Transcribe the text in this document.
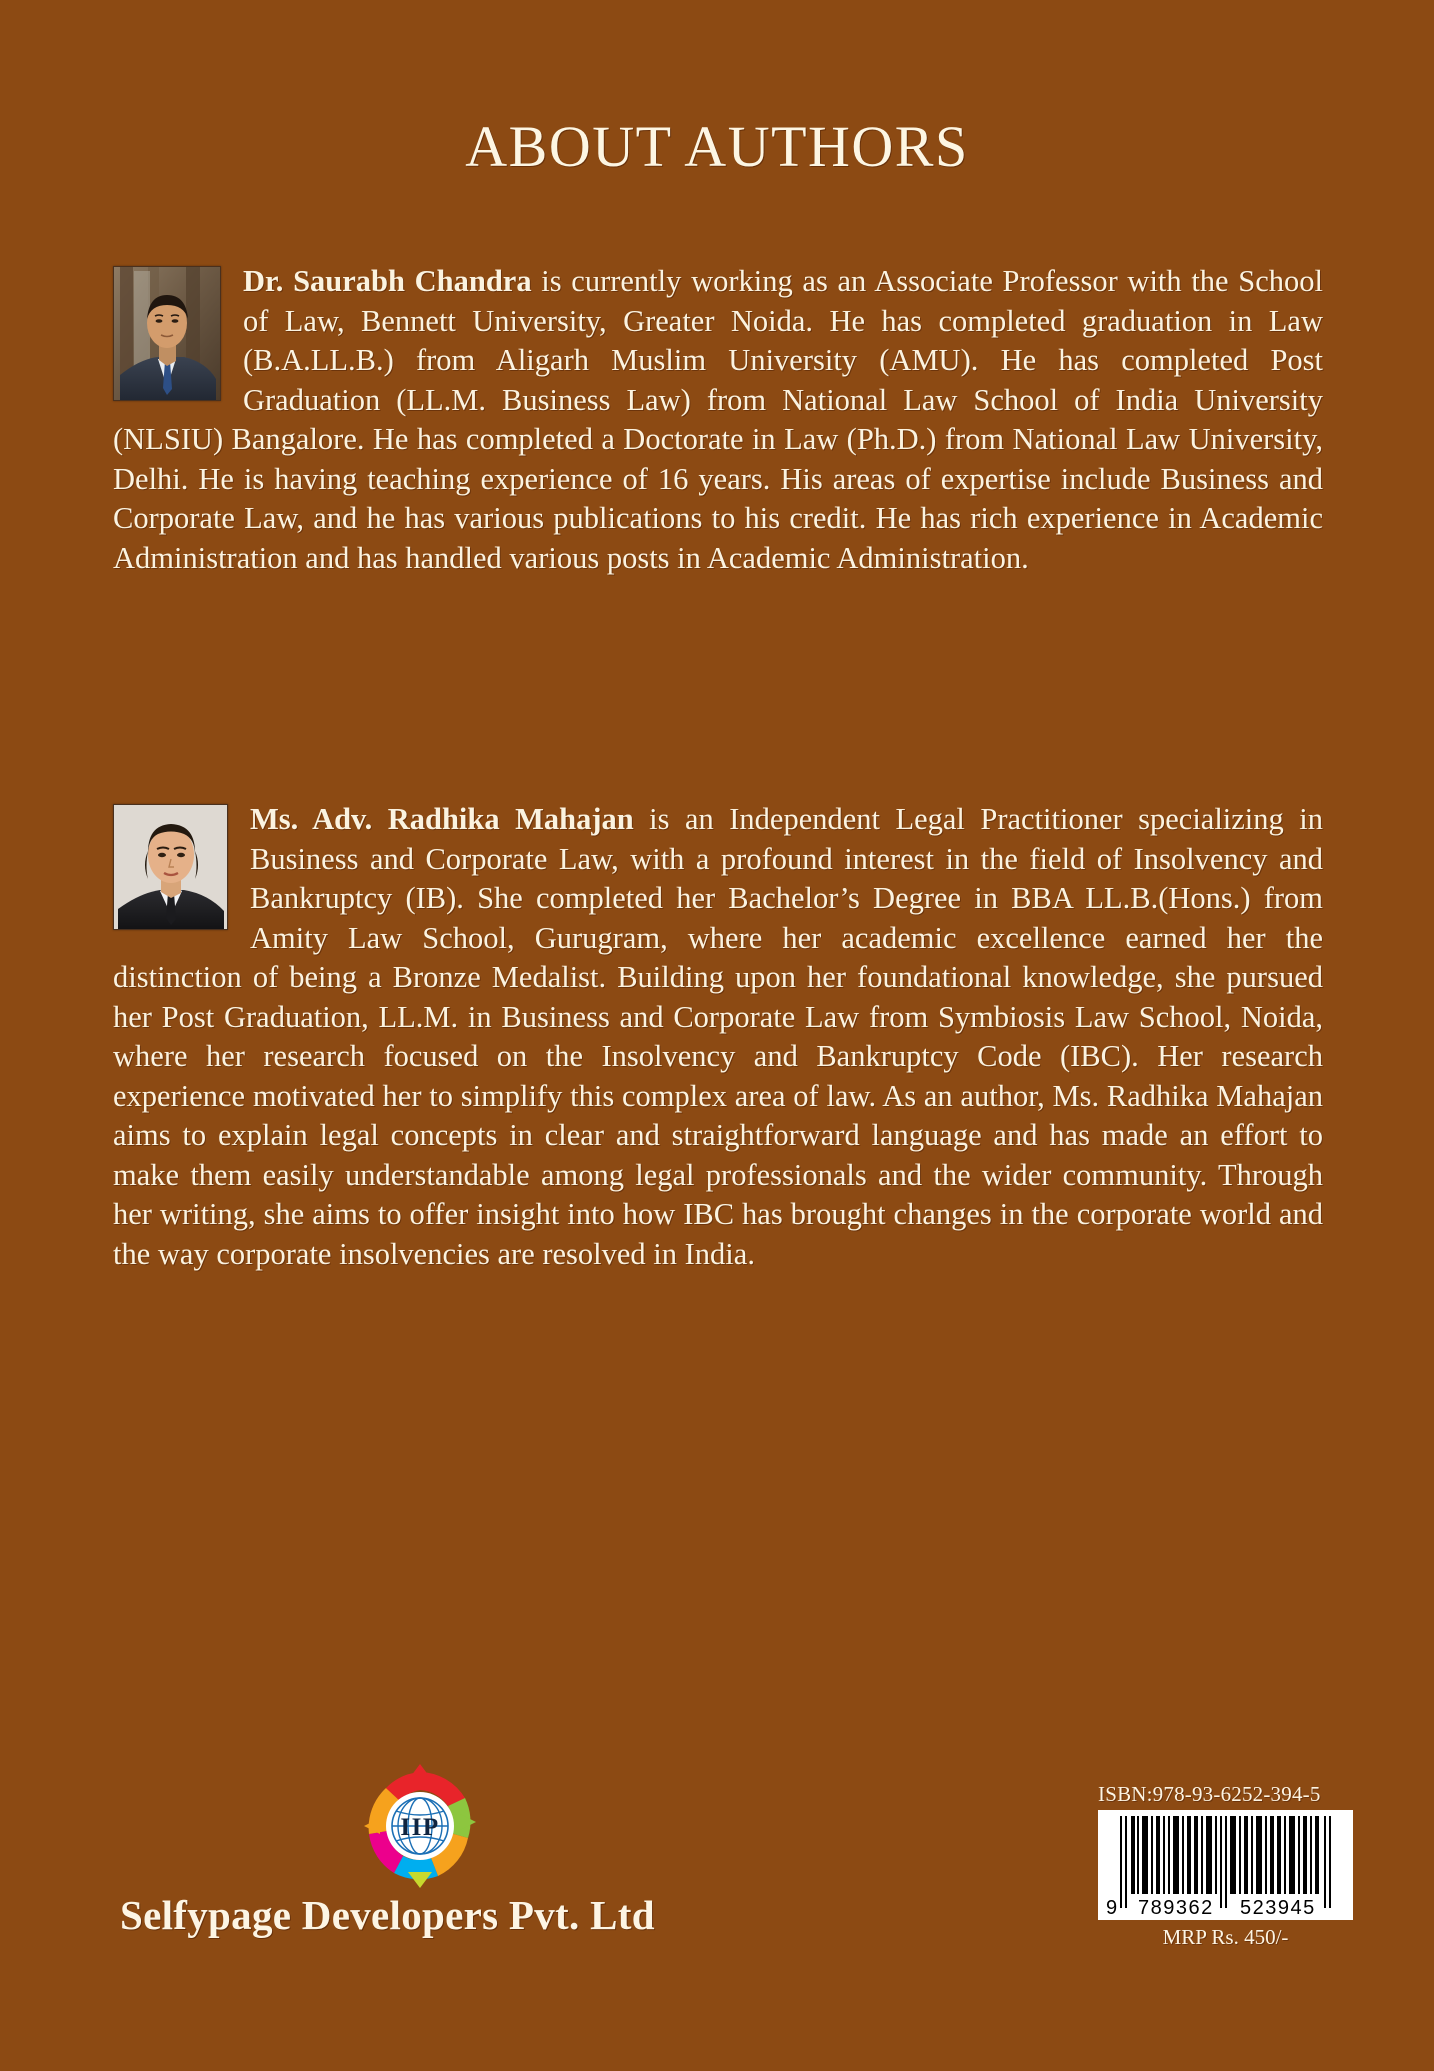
ABOUT AUTHORS
Dr. Saurabh Chandra is currently working as an Associate Professor with the School of Law, Bennett University, Greater Noida. He has completed graduation in Law (B.A.LL.B.) from Aligarh Muslim University (AMU). He has completed Post Graduation (LL.M. Business Law) from National Law School of India University (NLSIU) Bangalore. He has completed a Doctorate in Law (Ph.D.) from National Law University, Delhi. He is having teaching experience of 16 years. His areas of expertise include Business and Corporate Law, and he has various publications to his credit. He has rich experience in Academic Administration and has handled various posts in Academic Administration.
Ms. Adv. Radhika Mahajan is an Independent Legal Practitioner specializing in Business and Corporate Law, with a profound interest in the field of Insolvency and Bankruptcy (IB). She completed her Bachelor’s Degree in BBA LL.B.(Hons.) from Amity Law School, Gurugram, where her academic excellence earned her the distinction of being a Bronze Medalist. Building upon her foundational knowledge, she pursued her Post Graduation, LL.M. in Business and Corporate Law from Symbiosis Law School, Noida, where her research focused on the Insolvency and Bankruptcy Code (IBC). Her research experience motivated her to simplify this complex area of law. As an author, Ms. Radhika Mahajan aims to explain legal concepts in clear and straightforward language and has made an effort to make them easily understandable among legal professionals and the wider community. Through her writing, she aims to offer insight into how IBC has brought changes in the corporate world and the way corporate insolvencies are resolved in India.
IIP
Selfypage Developers Pvt. Ltd
ISBN:978-93-6252-394-5
9 789362 523945
MRP Rs. 450/-
